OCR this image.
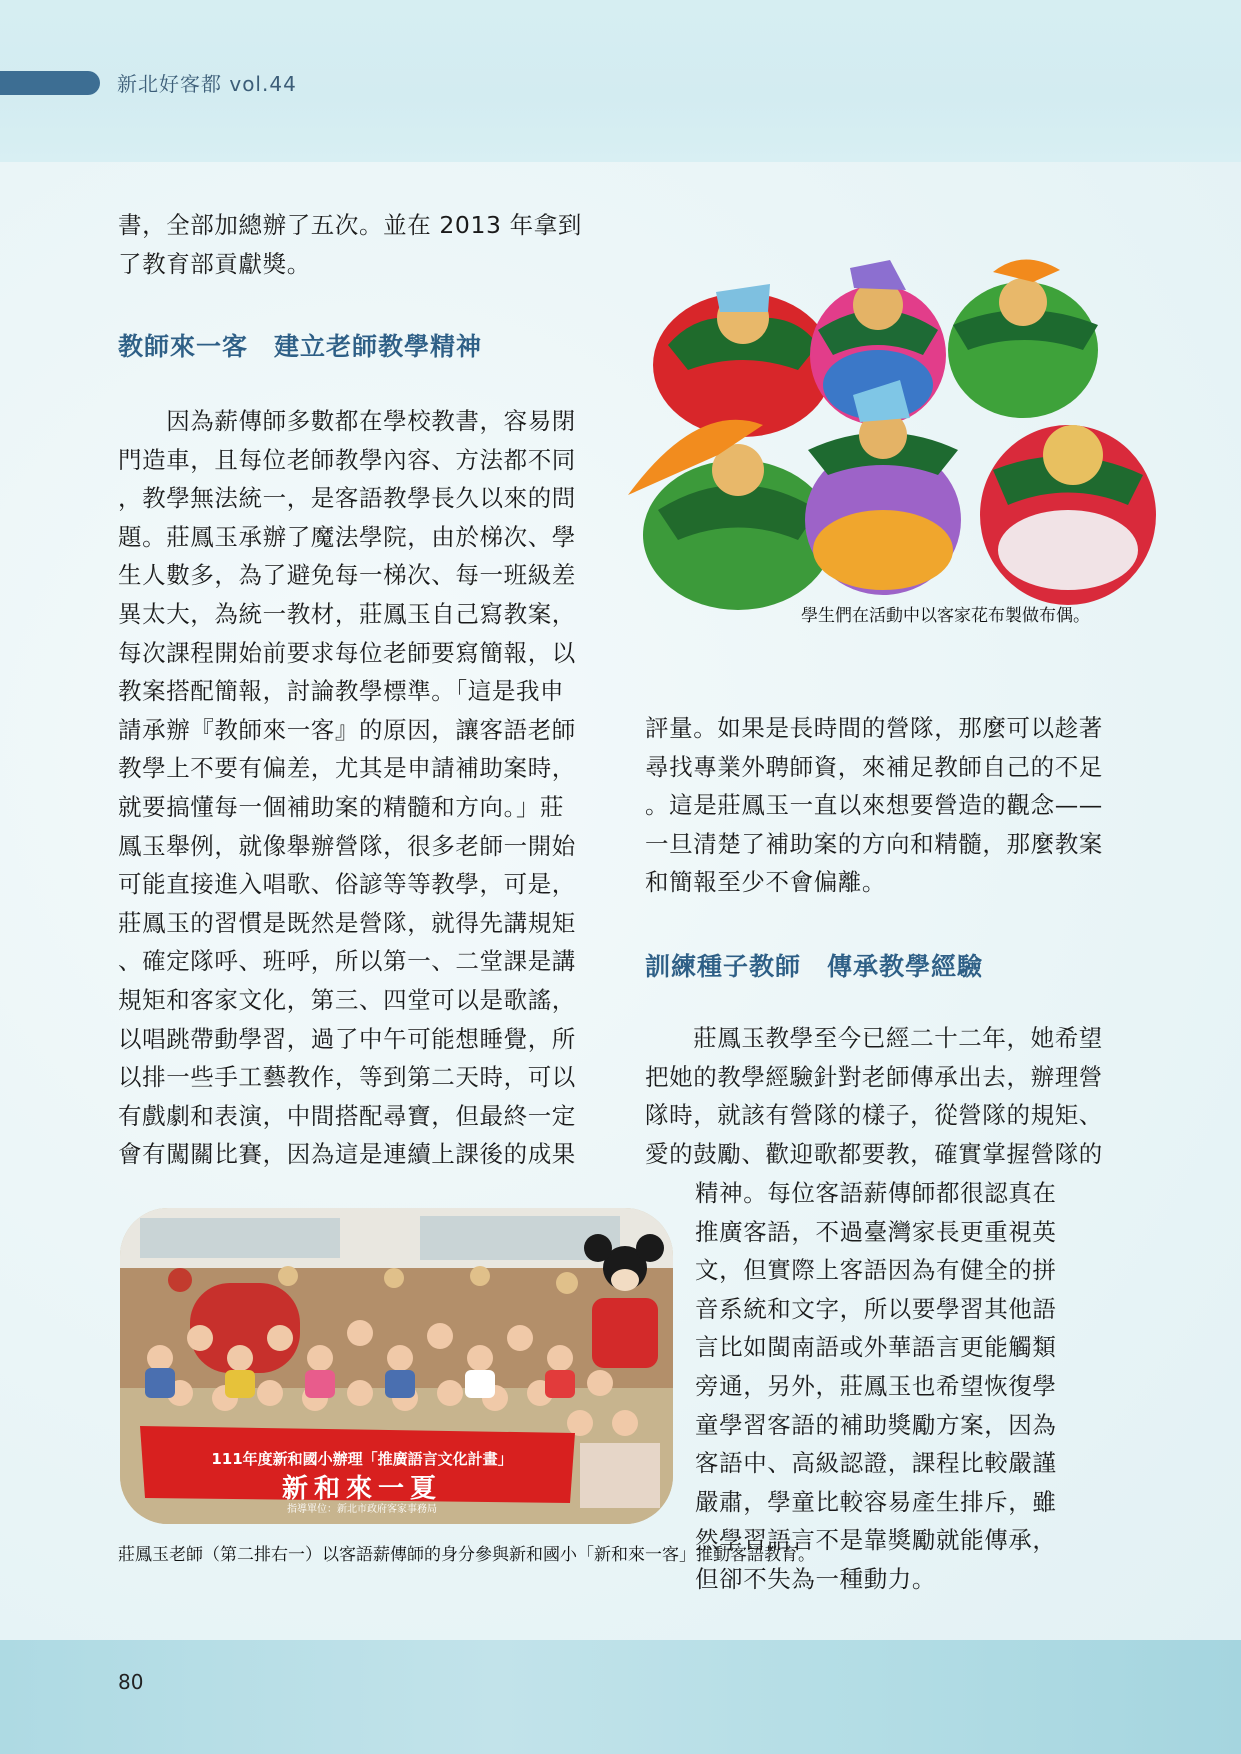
新北好客都 vol.44

書，全部加總辦了五次。並在 2013 年拿到
了教育部貢獻獎。

教師來一客　建立老師教學精神

　　因為薪傳師多數都在學校教書，容易閉
門造車，且每位老師教學內容、方法都不同
，教學無法統一，是客語教學長久以來的問
題。莊鳳玉承辦了魔法學院，由於梯次、學
生人數多，為了避免每一梯次、每一班級差
異太大，為統一教材，莊鳳玉自己寫教案，
每次課程開始前要求每位老師要寫簡報，以
教案搭配簡報，討論教學標準。「這是我申
請承辦『教師來一客』的原因，讓客語老師
教學上不要有偏差，尤其是申請補助案時，
就要搞懂每一個補助案的精髓和方向。」莊
鳳玉舉例，就像舉辦營隊，很多老師一開始
可能直接進入唱歌、俗諺等等教學，可是，
莊鳳玉的習慣是既然是營隊，就得先講規矩
、確定隊呼、班呼，所以第一、二堂課是講
規矩和客家文化，第三、四堂可以是歌謠，
以唱跳帶動學習，過了中午可能想睡覺，所
以排一些手工藝教作，等到第二天時，可以
有戲劇和表演，中間搭配尋寶，但最終一定
會有闖關比賽，因為這是連續上課後的成果

學生們在活動中以客家花布製做布偶。

評量。如果是長時間的營隊，那麼可以趁著
尋找專業外聘師資，來補足教師自己的不足
。這是莊鳳玉一直以來想要營造的觀念——
一旦清楚了補助案的方向和精髓，那麼教案
和簡報至少不會偏離。

訓練種子教師　傳承教學經驗

　　莊鳳玉教學至今已經二十二年，她希望
把她的教學經驗針對老師傳承出去，辦理營
隊時，就該有營隊的樣子，從營隊的規矩、
愛的鼓勵、歡迎歌都要教，確實掌握營隊的

精神。每位客語薪傳師都很認真在
推廣客語，不過臺灣家長更重視英
文，但實際上客語因為有健全的拼
音系統和文字，所以要學習其他語
言比如閩南語或外華語言更能觸類
旁通，另外，莊鳳玉也希望恢復學
童學習客語的補助獎勵方案，因為
客語中、高級認證，課程比較嚴謹
嚴肅，學童比較容易產生排斥，雖
然學習語言不是靠獎勵就能傳承，
但卻不失為一種動力。

111年度新和國小辦理「推廣語言文化計畫」
新和來一夏
指導單位：新北市政府客家事務局

莊鳳玉老師（第二排右一）以客語薪傳師的身分參與新和國小「新和來一客」推動客語教育。

80
